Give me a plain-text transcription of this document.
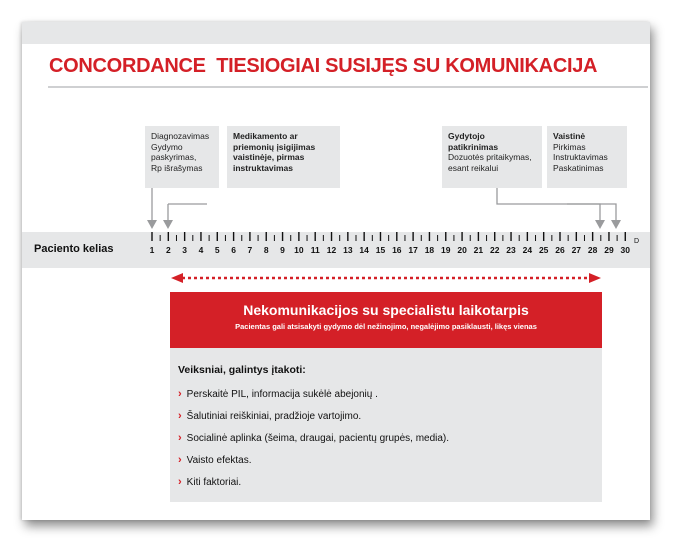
CONCORDANCE  TIESIOGIAI SUSIJĘS SU KOMUNIKACIJA
Diagnozavimas
Gydymo
paskyrimas,
Rp išrašymas
Medikamento ar
priemonių įsigijimas
vaistinėje, pirmas
instruktavimas
Gydytojo
patikrinimas
Dozuotės pritaikymas,
esant reikalui
Vaistinė
Pirkimas
Instruktavimas
Paskatinimas
Paciento kelias	1	2	3	4	5	6	7	8	9	10 11 12 13 14 15 16 17 18 19 20 21 22 23 24 25 26 27 28 29 30
D
Nekomunikacijos su specialistu laikotarpis
Pacientas gali atsisakyti gydymo dėl nežinojimo, negalėjimo pasiklausti, likęs vienas
Veiksniai, galintys įtakoti:
› Perskaitė PIL, informacija sukėlė abejonių .
› Šalutiniai reiškiniai, pradžioje vartojimo.
› Socialinė aplinka (šeima, draugai, pacientų grupės, media).
› Vaisto efektas.
› Kiti faktoriai.
